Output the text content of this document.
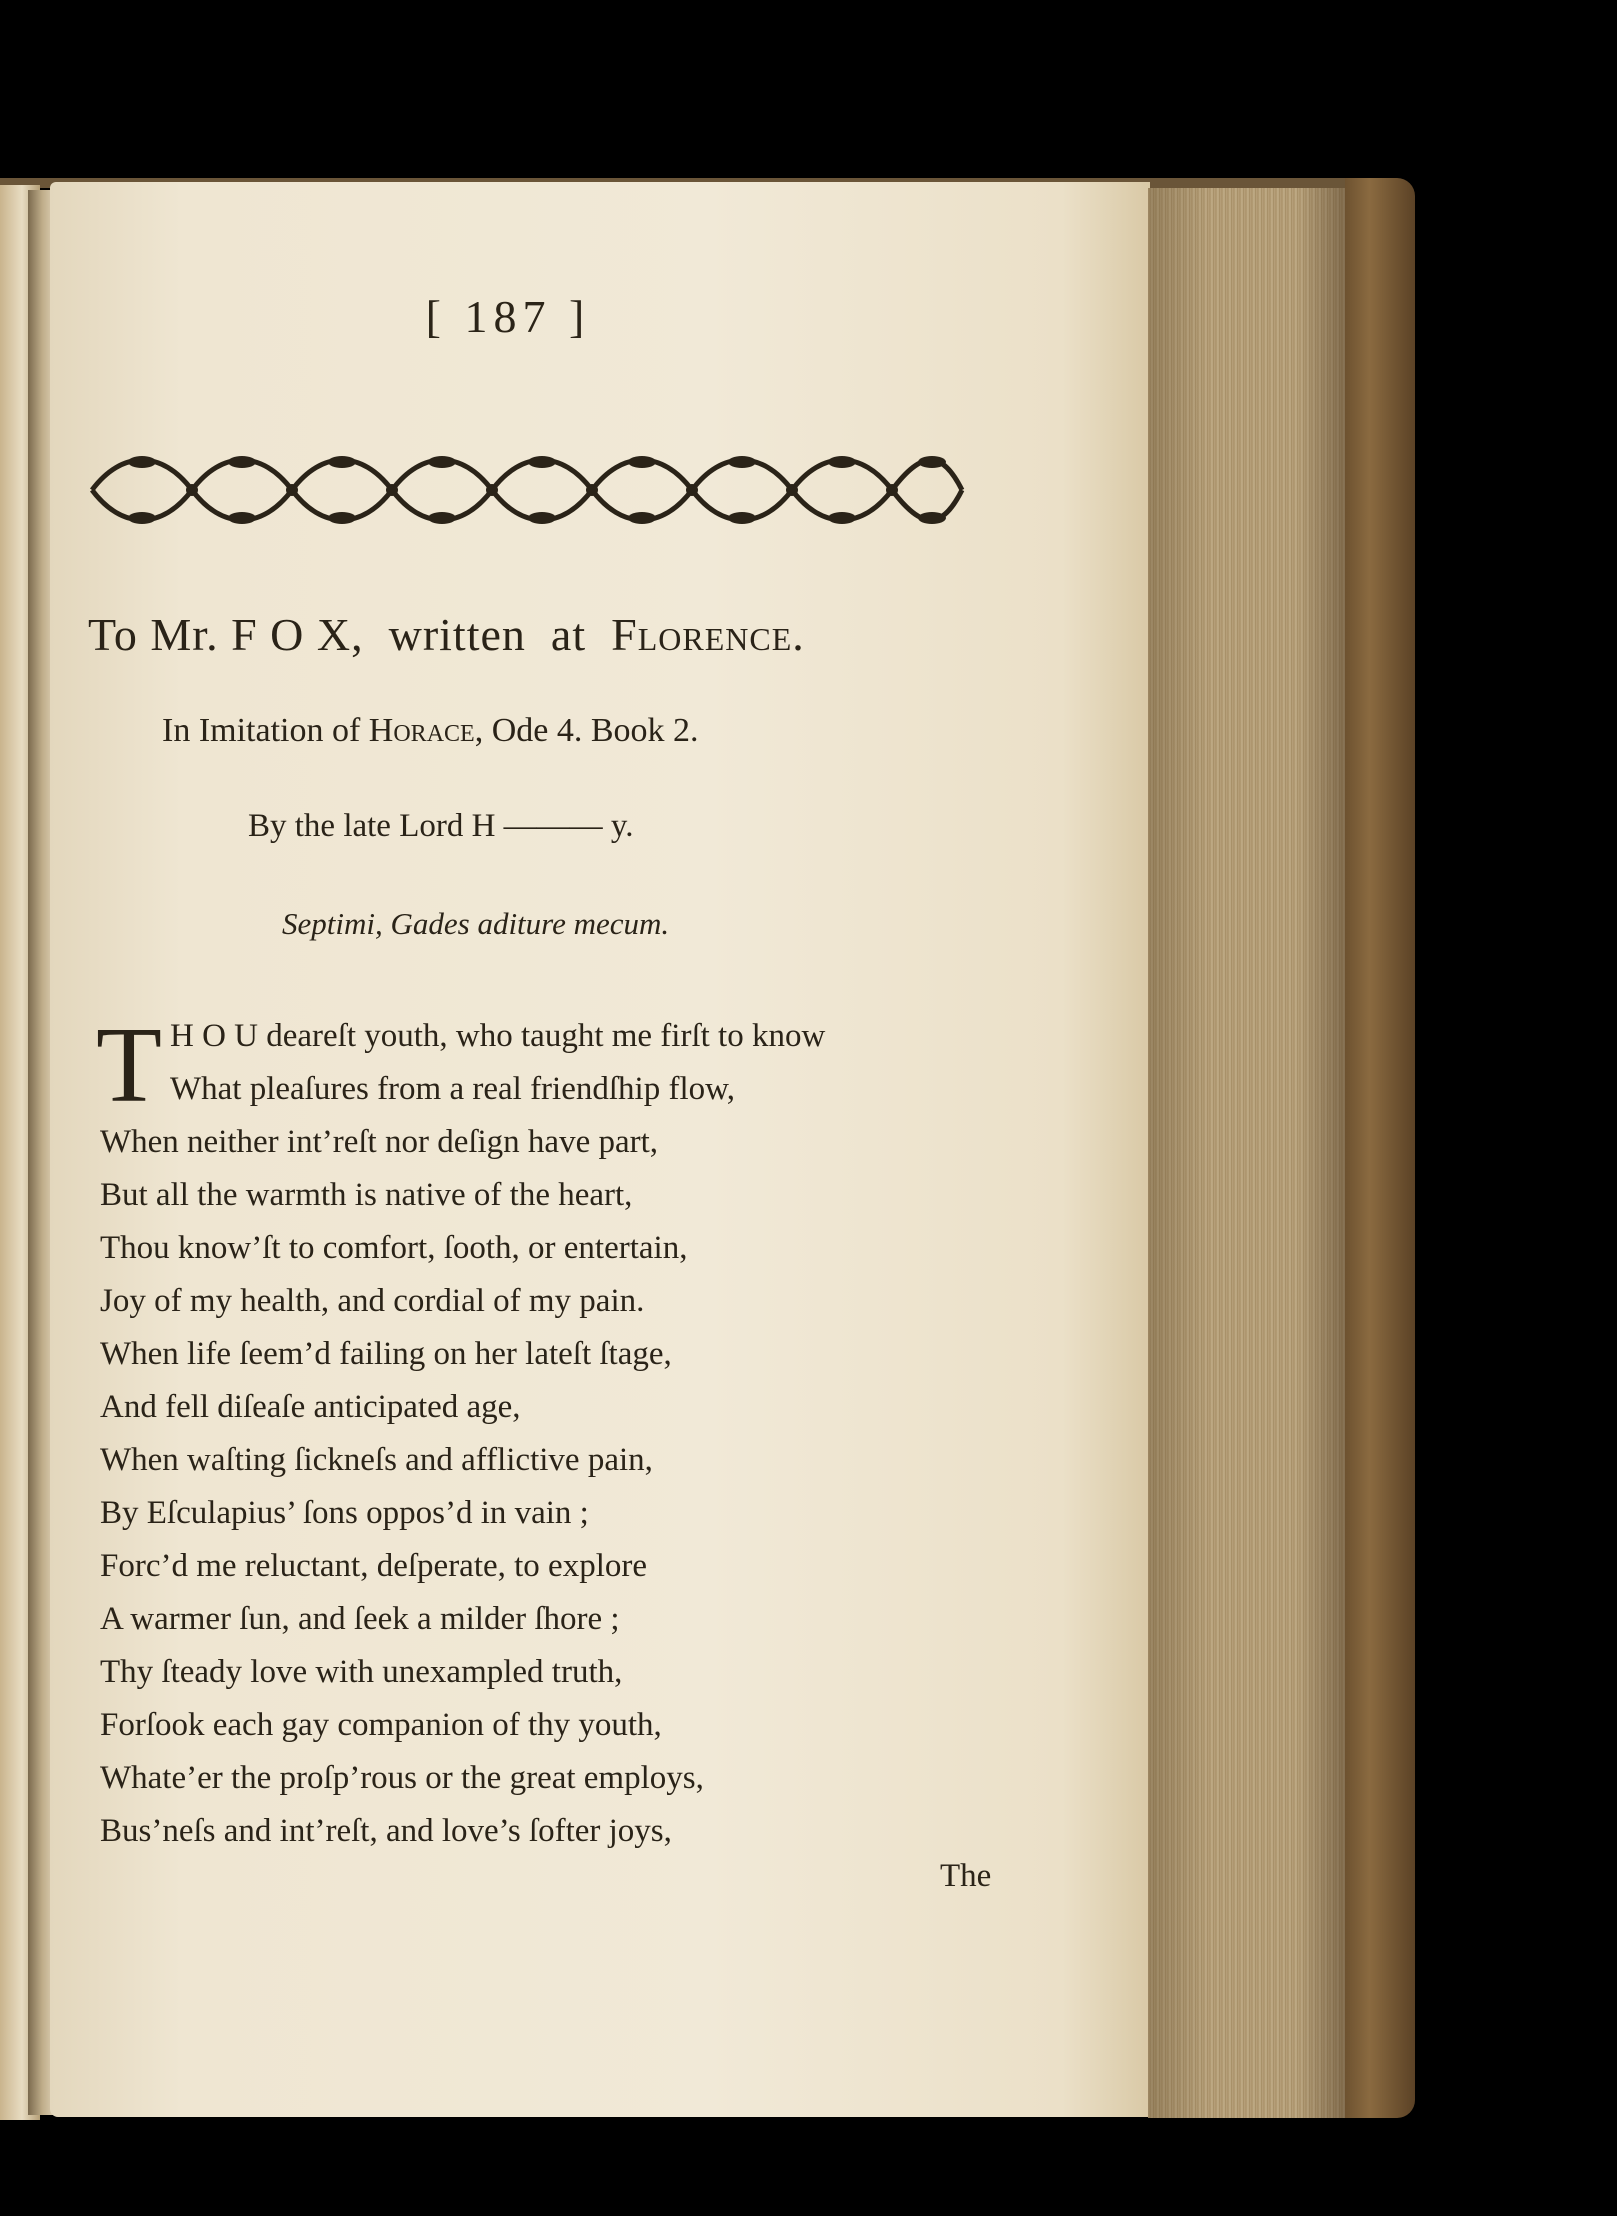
[ 187 ]
To Mr. F O X,  written  at  Florence.
In Imitation of Horace, Ode 4. Book 2.
By the late Lord H ——— y.
Septimi, Gades aditure mecum.
T H O U deareſt youth, who taught me firſt to know
What pleaſures from a real friendſhip flow,
When neither int’reſt nor deſign have part,
But all the warmth is native of the heart,
Thou know’ſt to comfort, ſooth, or entertain,
Joy of my health, and cordial of my pain.
When life ſeem’d failing on her lateſt ſtage,
And fell diſeaſe anticipated age,
When waſting ſickneſs and afflictive pain,
By Eſculapius’ ſons oppos’d in vain ;
Forc’d me reluctant, deſperate, to explore
A warmer ſun, and ſeek a milder ſhore ;
Thy ſteady love with unexampled truth,
Forſook each gay companion of thy youth,
Whate’er the proſp’rous or the great employs,
Bus’neſs and int’reſt, and love’s ſofter joys,
The
